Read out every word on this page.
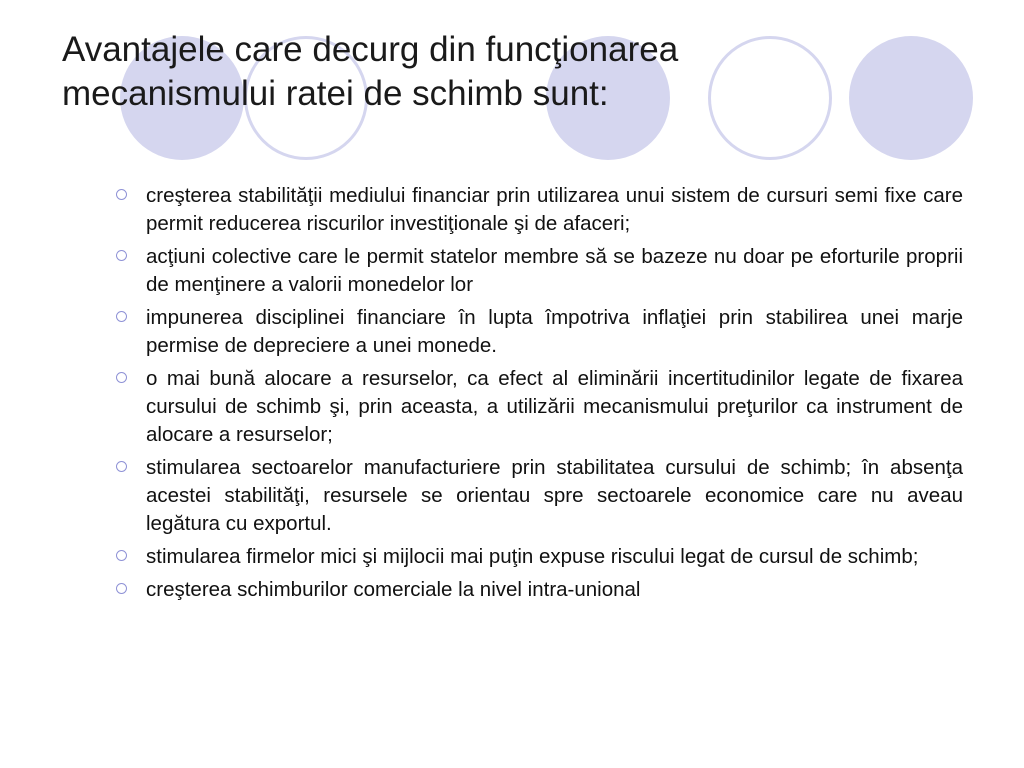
Avantajele care decurg din funcţionarea
mecanismului ratei de schimb sunt:
creşterea stabilităţii mediului financiar prin utilizarea unui sistem de cursuri semi fixe care permit reducerea riscurilor investiţionale şi de afaceri;
acţiuni colective care le permit statelor membre să se bazeze nu doar pe eforturile proprii de menţinere a valorii monedelor lor
impunerea disciplinei financiare în lupta împotriva inflaţiei prin stabilirea unei marje permise de depreciere a unei monede.
o mai bună alocare a resurselor, ca efect al eliminării incertitudinilor legate de fixarea cursului de schimb şi, prin aceasta, a utilizării mecanismului preţurilor ca instrument de alocare a resurselor;
stimularea sectoarelor manufacturiere prin stabilitatea cursului de schimb; în absenţa acestei stabilităţi, resursele se orientau spre sectoarele economice care nu aveau legătura cu exportul.
stimularea firmelor mici şi mijlocii mai puţin expuse riscului legat de cursul de schimb;
creşterea schimburilor comerciale la nivel intra-unional
